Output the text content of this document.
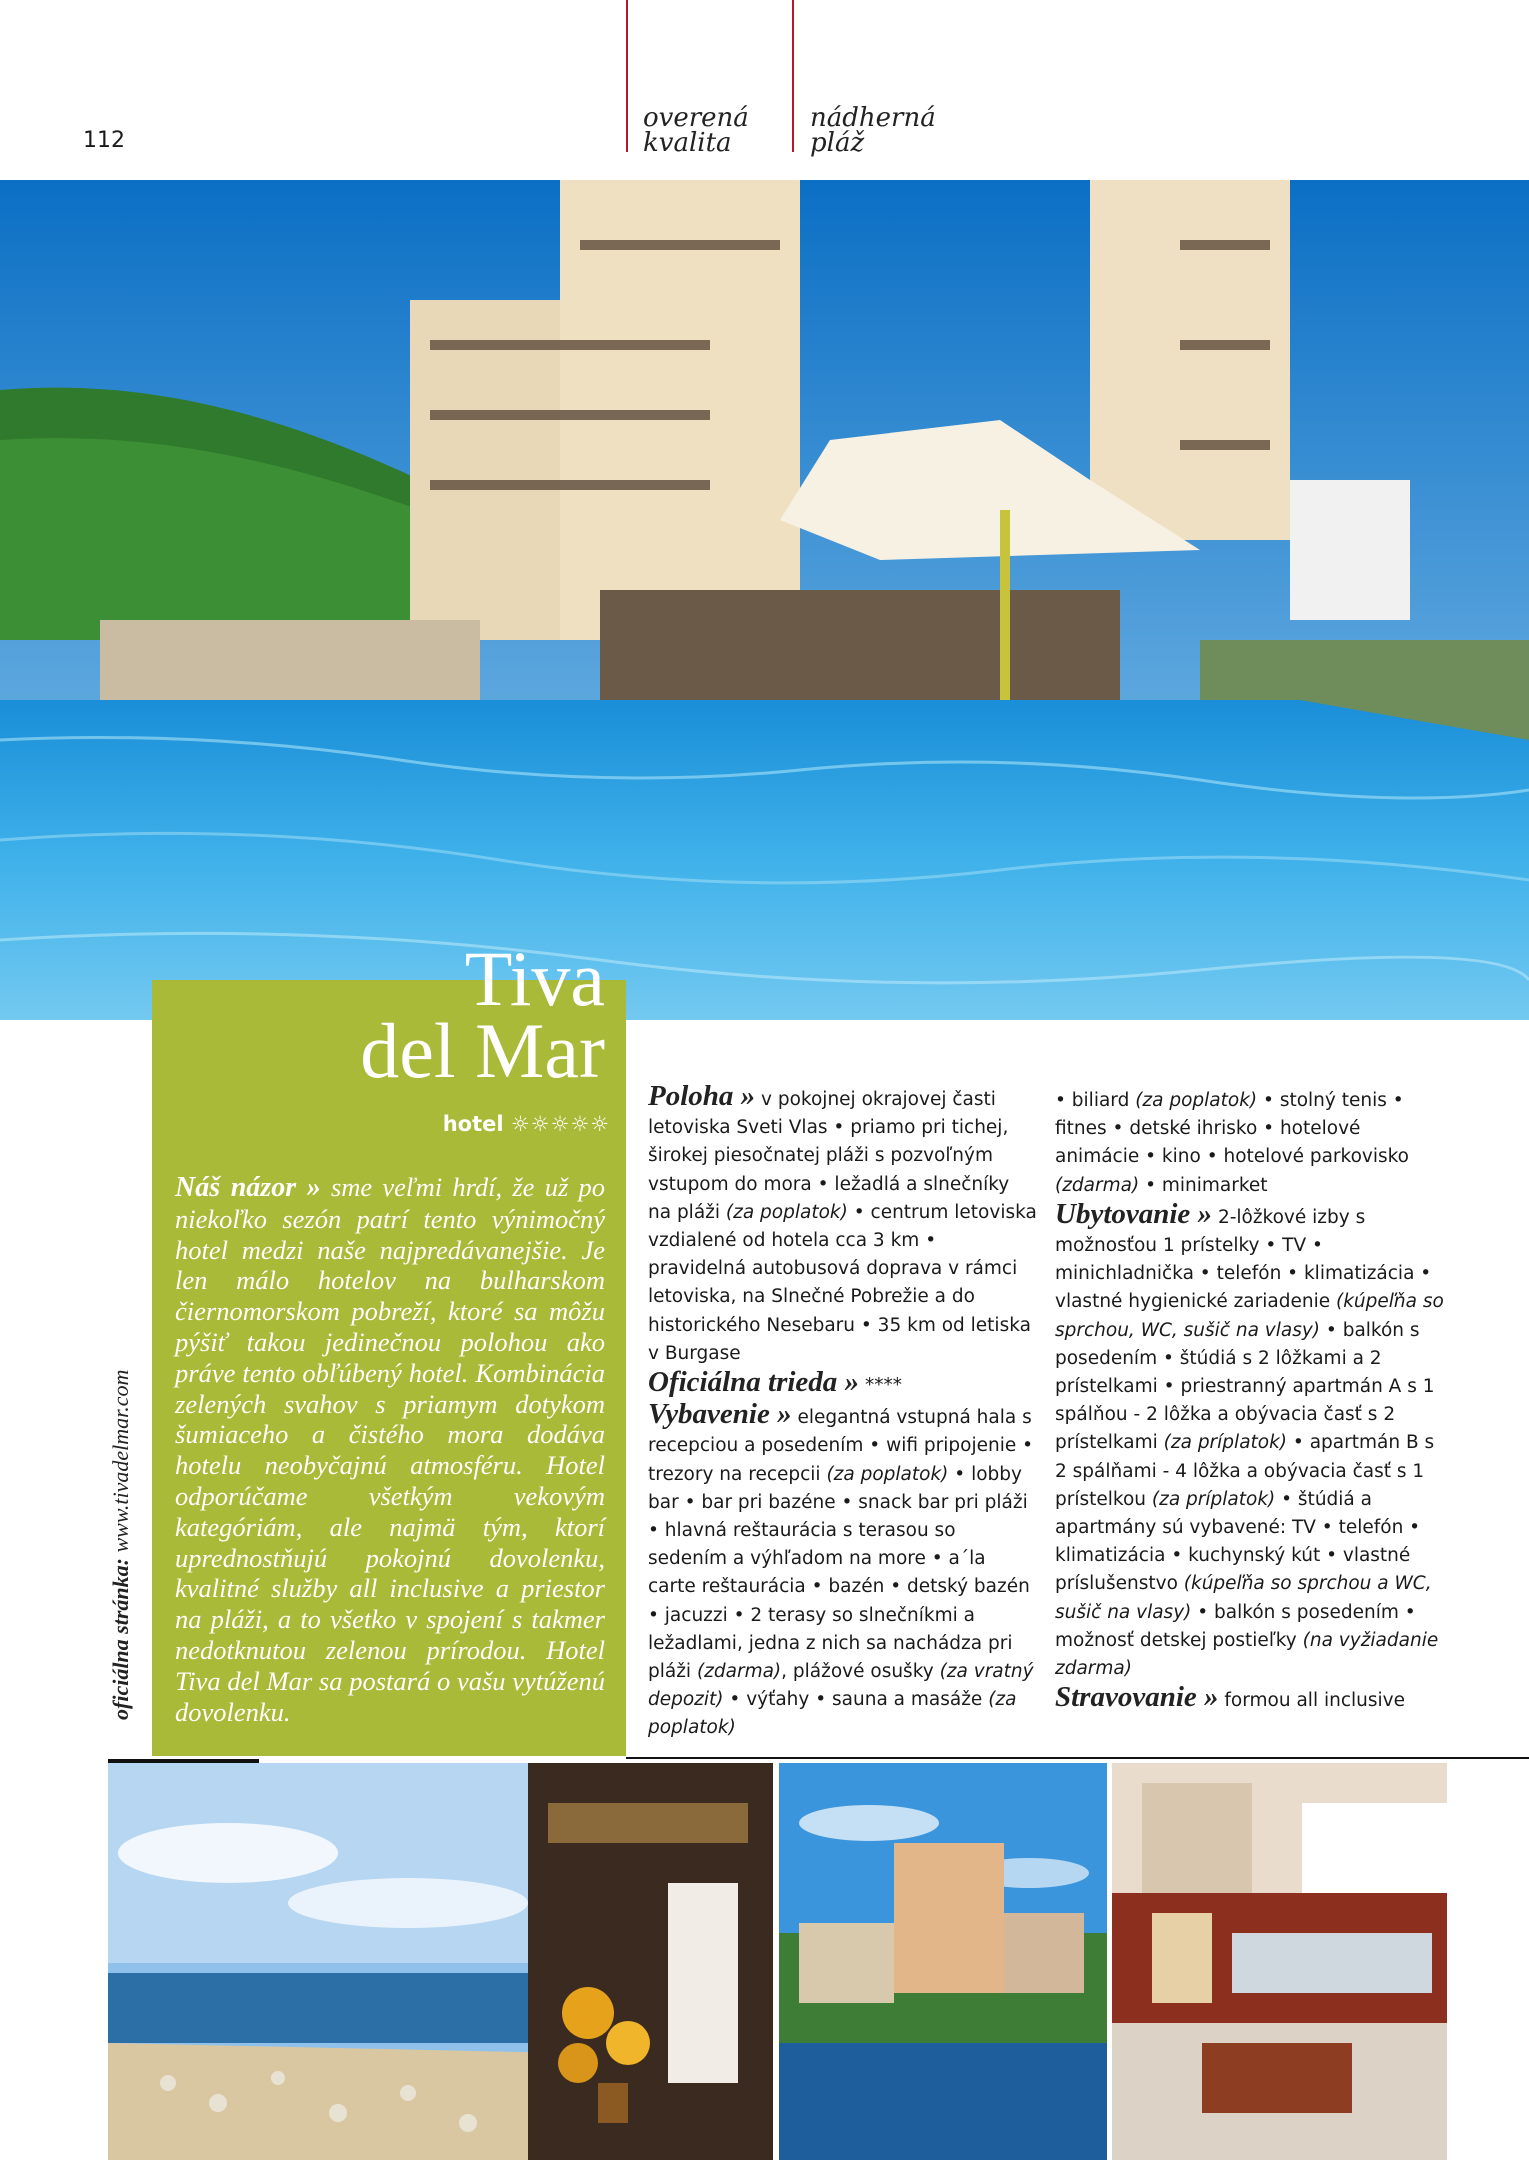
112
overená
kvalita
nádherná
pláž
Tiva
del Mar
hotel ☼☼☼☼☼
Náš názor » sme veľmi hrdí, že už po niekoľko sezón patrí tento výnimočný hotel medzi naše najpredávanejšie. Je len málo hotelov na bulharskom čiernomorskom pobreží, ktoré sa môžu pýšiť takou jedinečnou polohou ako práve tento obľúbený hotel. Kombinácia zelených svahov s priamym dotykom šumiaceho a čistého mora dodáva hotelu neobyčajnú atmosféru. Hotel odporúčame všetkým vekovým kategóriám, ale najmä tým, ktorí uprednostňujú pokojnú dovolenku, kvalitné služby all inclusive a priestor na pláži, a to všetko v spojení s takmer nedotknutou zelenou prírodou. Hotel Tiva del Mar sa postará o vašu vytúženú dovolenku.
oficiálna stránka: www.tivadelmar.com

Poloha » v pokojnej okrajovej časti letoviska Sveti Vlas • priamo pri tichej, širokej piesočnatej pláži s pozvoľným vstupom do mora • ležadlá a slnečníky na pláži (za poplatok) • centrum letoviska vzdialené od hotela cca 3 km • pravidelná autobusová doprava v rámci letoviska, na Slnečné Pobrežie a do historického Nesebaru • 35 km od letiska v Burgase

Oficiálna trieda » ****

Vybavenie » elegantná vstupná hala s recepciou a posedením • wifi pripojenie • trezory na recepcii (za poplatok) • lobby bar • bar pri bazéne • snack bar pri pláži • hlavná reštaurácia s terasou so sedením a výhľadom na more • a´la carte reštaurácia • bazén • detský bazén • jacuzzi • 2 terasy so slnečníkmi a ležadlami, jedna z nich sa nachádza pri pláži (zdarma), plážové osušky (za vratný depozit) • výťahy • sauna a masáže (za poplatok)

• biliard (za poplatok) • stolný tenis • fitnes • detské ihrisko • hotelové animácie • kino • hotelové parkovisko (zdarma) • minimarket

Ubytovanie » 2-lôžkové izby s možnosťou 1 prístelky • TV • minichladnička • telefón • klimatizácia • vlastné hygienické zariadenie (kúpeľňa so sprchou, WC, sušič na vlasy) • balkón s posedením • štúdiá s 2 lôžkami a 2 prístelkami • priestranný apartmán A s 1 spálňou - 2 lôžka a obývacia časť s 2 prístelkami (za príplatok) • apartmán B s 2 spálňami - 4 lôžka a obývacia časť s 1 prístelkou (za príplatok) • štúdiá a apartmány sú vybavené: TV • telefón • klimatizácia • kuchynský kút • vlastné príslušenstvo (kúpeľňa so sprchou a WC, sušič na vlasy) • balkón s posedením • možnosť detskej postieľky (na vyžiadanie zdarma)

Stravovanie » formou all inclusive
